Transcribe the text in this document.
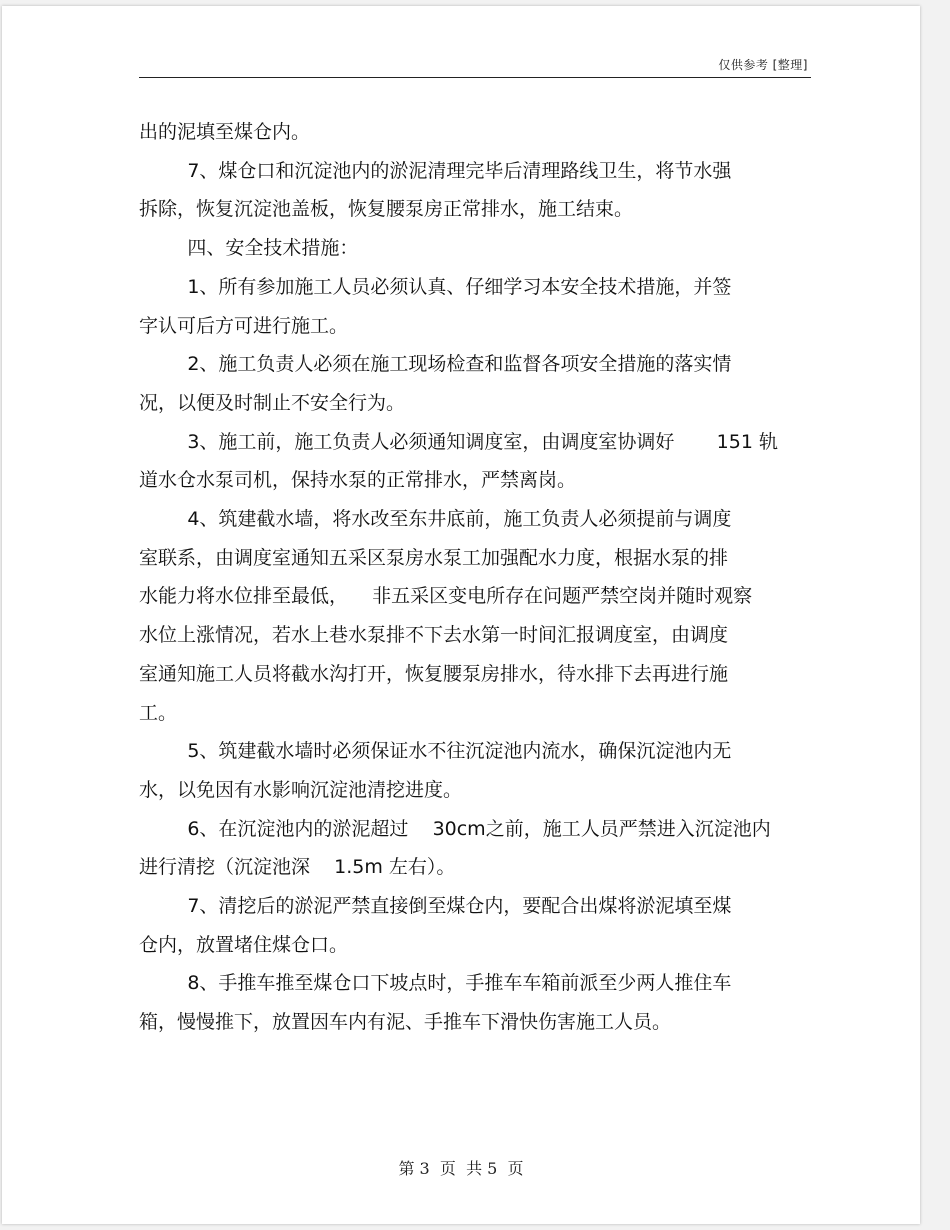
仅供参考 [整理]

出的泥填至煤仓内。

7、煤仓口和沉淀池内的淤泥清理完毕后清理路线卫生，将节水强

拆除，恢复沉淀池盖板，恢复腰泵房正常排水，施工结束。

四、安全技术措施：

1、所有参加施工人员必须认真、仔细学习本安全技术措施，并签

字认可后方可进行施工。

2、施工负责人必须在施工现场检查和监督各项安全措施的落实情

况，以便及时制止不安全行为。

3、施工前，施工负责人必须通知调度室，由调度室协调好       151 轨

道水仓水泵司机，保持水泵的正常排水，严禁离岗。

4、筑建截水墙，将水改至东井底前，施工负责人必须提前与调度

室联系，由调度室通知五采区泵房水泵工加强配水力度，根据水泵的排

水能力将水位排至最低，    非五采区变电所存在问题严禁空岗并随时观察

水位上涨情况，若水上巷水泵排不下去水第一时间汇报调度室，由调度

室通知施工人员将截水沟打开，恢复腰泵房排水，待水排下去再进行施

工。

5、筑建截水墙时必须保证水不往沉淀池内流水，确保沉淀池内无

水，以免因有水影响沉淀池清挖进度。

6、在沉淀池内的淤泥超过    30cm之前，施工人员严禁进入沉淀池内

进行清挖（沉淀池深    1.5m 左右）。

7、清挖后的淤泥严禁直接倒至煤仓内，要配合出煤将淤泥填至煤

仓内，放置堵住煤仓口。

8、手推车推至煤仓口下坡点时，手推车车箱前派至少两人推住车

箱，慢慢推下，放置因车内有泥、手推车下滑快伤害施工人员。

第 3  页  共 5  页
